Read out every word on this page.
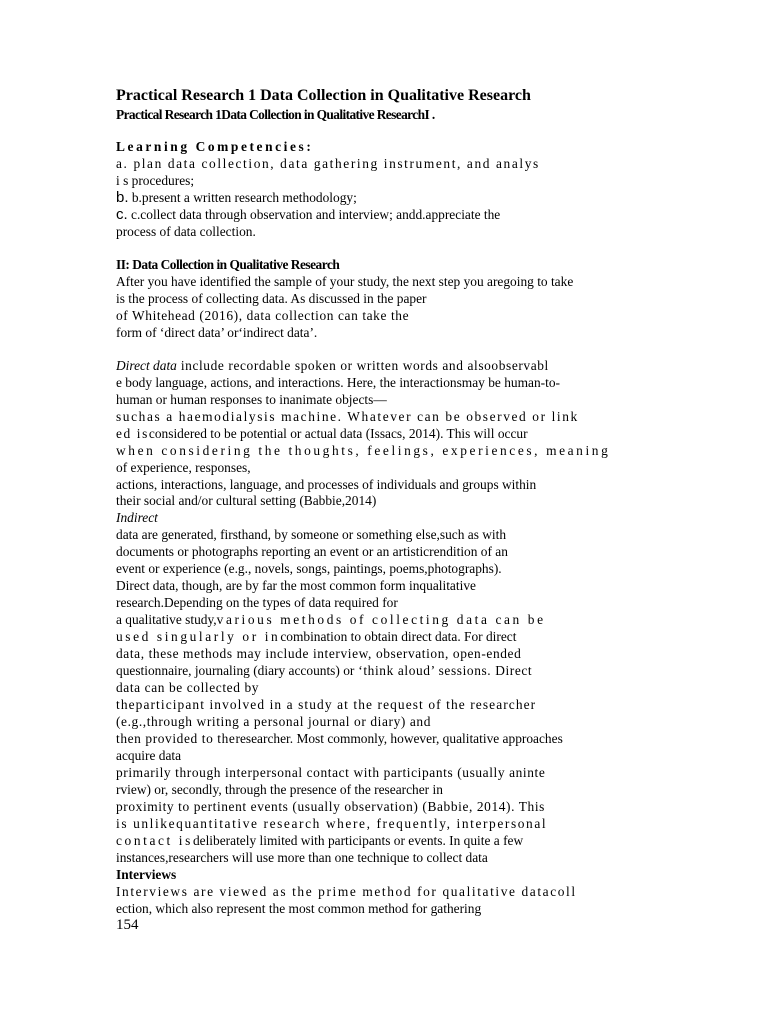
Practical Research 1 Data Collection in Qualitative Research
Practical Research 1Data Collection in Qualitative ResearchI .
Learning Competencies:
a. plan data collection, data gathering instrument, and analys
i s procedures;
b. b.present a written research methodology;
c. c.collect data through observation and interview; andd.appreciate the
process of data collection.
II: Data Collection in Qualitative Research
After you have identified the sample of your study, the next step you aregoing to take
is the process of collecting data. As discussed in the paper
of Whitehead (2016), data collection can take the
form of ‘direct data’ or‘indirect data’.
Direct data include recordable spoken or written words and alsoobservabl
e body language, actions, and interactions. Here, the interactionsmay be human-to-
human or human responses to inanimate objects—
suchas a haemodialysis machine. Whatever can be observed or link
ed isconsidered to be potential or actual data (Issacs, 2014). This will occur
when considering the thoughts, feelings, experiences, meaning
of experience, responses,
actions, interactions, language, and processes of individuals and groups within
their social and/or cultural setting (Babbie,2014)
Indirect
data are generated, firsthand, by someone or something else,such as with
documents or photographs reporting an event or an artisticrendition of an
event or experience (e.g., novels, songs, paintings, poems,photographs).
Direct data, though, are by far the most common form inqualitative
research.Depending on the types of data required for
a qualitative study,various methods of collecting data can be
used singularly or incombination to obtain direct data. For direct
data, these methods may include interview, observation, open-ended
questionnaire, journaling (diary accounts) or ‘think aloud’ sessions. Direct
data can be collected by
theparticipant involved in a study at the request of the researcher
(e.g.,through writing a personal journal or diary) and
then provided to theresearcher. Most commonly, however, qualitative approaches
acquire data
primarily through interpersonal contact with participants (usually aninte
rview) or, secondly, through the presence of the researcher in
proximity to pertinent events (usually observation) (Babbie, 2014). This
is unlikequantitative research where, frequently, interpersonal
contact isdeliberately limited with participants or events. In quite a few
instances,researchers will use more than one technique to collect data
Interviews
Interviews are viewed as the prime method for qualitative datacoll
ection, which also represent the most common method for gathering
154
